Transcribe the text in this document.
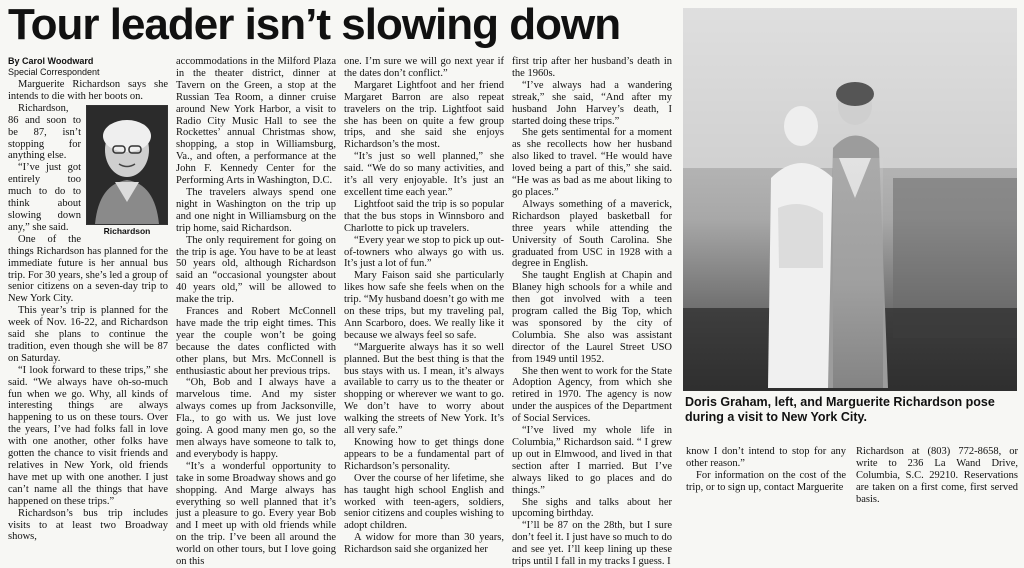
Tour leader isn’t slowing down
By Carol Woodward
Special Correspondent

Marguerite Richardson says she intends to die with her boots on.

Richardson

Richardson, 86 and soon to be 87, isn’t stopping for anything else.

“I’ve just got entirely too much to do to think about slowing down any,” she said.

One of the things Richardson has planned for the immediate future is her annual bus trip. For 30 years, she’s led a group of senior citizens on a seven-day trip to New York City.

This year’s trip is planned for the week of Nov. 16-22, and Richardson said she plans to continue the tradition, even though she will be 87 on Saturday.

“I look forward to these trips,” she said. “We always have oh-so-much fun when we go. Why, all kinds of interesting things are always happening to us on these tours. Over the years, I’ve had folks fall in love with one another, other folks have gotten the chance to visit friends and relatives in New York, old friends have met up with one another. I just can’t name all the things that have happened on these trips.”

Richardson’s bus trip includes visits to at least two Broadway shows,

accommodations in the Milford Plaza in the theater district, dinner at Tavern on the Green, a stop at the Russian Tea Room, a dinner cruise around New York Harbor, a visit to Radio City Music Hall to see the Rockettes’ annual Christmas show, shopping, a stop in Williamsburg, Va., and often, a performance at the John F. Kennedy Center for the Performing Arts in Washington, D.C.

The travelers always spend one night in Washington on the trip up and one night in Williamsburg on the trip home, said Richardson.

The only requirement for going on the trip is age. You have to be at least 50 years old, although Richardson said an “occasional youngster about 40 years old,” will be allowed to make the trip.

Frances and Robert McConnell have made the trip eight times. This year the couple won’t be going because the dates conflicted with other plans, but Mrs. McConnell is enthusiastic about her previous trips.

“Oh, Bob and I always have a marvelous time. And my sister always comes up from Jacksonville, Fla., to go with us. We just love going. A good many men go, so the men always have someone to talk to, and everybody is happy.

“It’s a wonderful opportunity to take in some Broadway shows and go shopping. And Marge always has everything so well planned that it’s just a pleasure to go. Every year Bob and I meet up with old friends while on the trip. I’ve been all around the world on other tours, but I love going on this

one. I’m sure we will go next year if the dates don’t conflict.”

Margaret Lightfoot and her friend Margaret Barron are also repeat travelers on the trip. Lightfoot said she has been on quite a few group trips, and she said she enjoys Richardson’s the most.

“It’s just so well planned,” she said. “We do so many activities, and it’s all very enjoyable. It’s just an excellent time each year.”

Lightfoot said the trip is so popular that the bus stops in Winnsboro and Charlotte to pick up travelers.

“Every year we stop to pick up out-of-towners who always go with us. It’s just a lot of fun.”

Mary Faison said she particularly likes how safe she feels when on the trip. “My husband doesn’t go with me on these trips, but my traveling pal, Ann Scarboro, does. We really like it because we always feel so safe.

“Marguerite always has it so well planned. But the best thing is that the bus stays with us. I mean, it’s always available to carry us to the theater or shopping or wherever we want to go. We don’t have to worry about walking the streets of New York. It’s all very safe.”

Knowing how to get things done appears to be a fundamental part of Richardson’s personality.

Over the course of her lifetime, she has taught high school English and worked with teen-agers, soldiers, senior citizens and couples wishing to adopt children.

A widow for more than 30 years, Richardson said she organized her

first trip after her husband’s death in the 1960s.

“I’ve always had a wandering streak,” she said, “And after my husband John Harvey’s death, I started doing these trips.”

She gets sentimental for a moment as she recollects how her husband also liked to travel. “He would have loved being a part of this,” she said. “He was as bad as me about liking to go places.”

Always something of a maverick, Richardson played basketball for three years while attending the University of South Carolina. She graduated from USC in 1928 with a degree in English.

She taught English at Chapin and Blaney high schools for a while and then got involved with a teen program called the Big Top, which was sponsored by the city of Columbia. She also was assistant director of the Laurel Street USO from 1949 until 1952.

She then went to work for the State Adoption Agency, from which she retired in 1970. The agency is now under the auspices of the Department of Social Services.

“I’ve lived my whole life in Columbia,” Richardson said. “ I grew up out in Elmwood, and lived in that section after I married. But I’ve always liked to go places and do things.”

She sighs and talks about her upcoming birthday.

“I’ll be 87 on the 28th, but I sure don’t feel it. I just have so much to do and see yet. I’ll keep lining up these trips until I fall in my tracks I guess. I

Doris Graham, left, and Marguerite Richardson pose during a visit to New York City.

know I don’t intend to stop for any other reason.”

For information on the cost of the trip, or to sign up, contact Marguerite

Richardson at (803) 772-8658, or write to 236 La Wand Drive, Columbia, S.C. 29210. Reservations are taken on a first come, first served basis.
